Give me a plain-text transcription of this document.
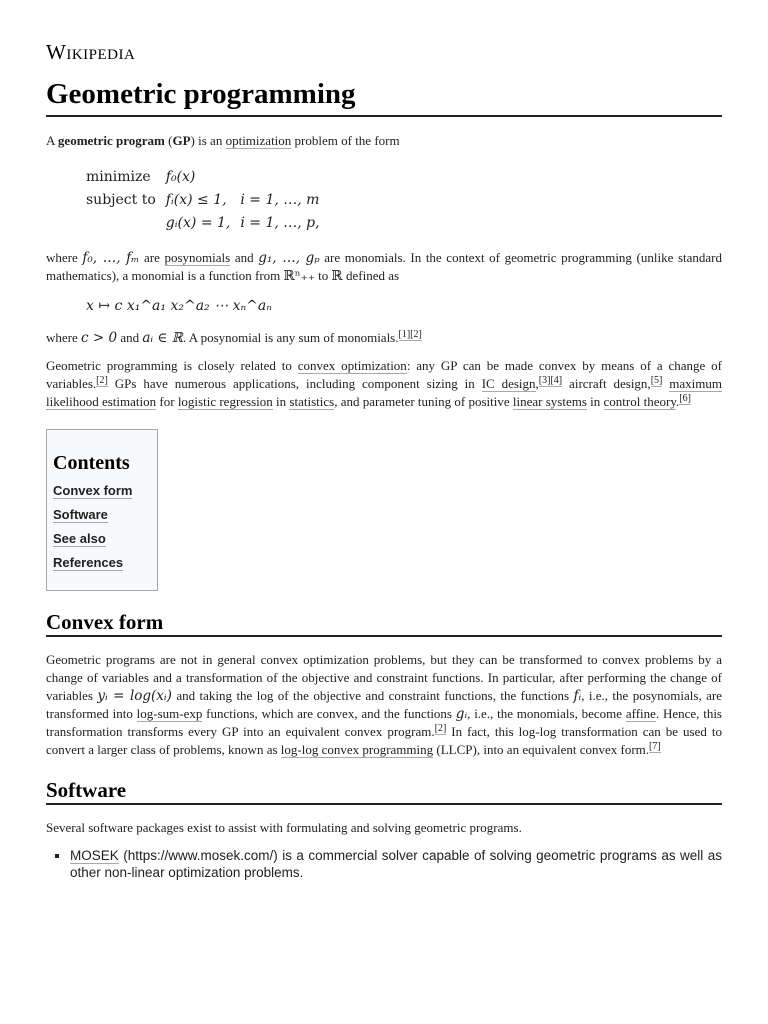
Wikipedia
Geometric programming

A geometric program (GP) is an optimization problem of the form

minimize	f₀(x)	
subject to	fᵢ(x) ≤ 1,	i = 1, …, m
	gᵢ(x) = 1,	i = 1, …, p,

where f₀, …, fₘ are posynomials and g₁, …, gₚ are monomials. In the context of geometric programming (unlike standard mathematics), a monomial is a function from ℝⁿ₊₊ to ℝ defined as

x ↦ c x₁^a₁ x₂^a₂ ⋯ xₙ^aₙ

where c > 0 and aᵢ ∈ ℝ. A posynomial is any sum of monomials.[1][2]

Geometric programming is closely related to convex optimization: any GP can be made convex by means of a change of variables.[2] GPs have numerous applications, including component sizing in IC design,[3][4] aircraft design,[5] maximum likelihood estimation for logistic regression in statistics, and parameter tuning of positive linear systems in control theory.[6]

Contents
Convex form
Software
See also
References
Convex form

Geometric programs are not in general convex optimization problems, but they can be transformed to convex problems by a change of variables and a transformation of the objective and constraint functions. In particular, after performing the change of variables yᵢ = log(xᵢ) and taking the log of the objective and constraint functions, the functions fᵢ, i.e., the posynomials, are transformed into log-sum-exp functions, which are convex, and the functions gᵢ, i.e., the monomials, become affine. Hence, this transformation transforms every GP into an equivalent convex program.[2] In fact, this log-log transformation can be used to convert a larger class of problems, known as log-log convex programming (LLCP), into an equivalent convex form.[7]

Software

Several software packages exist to assist with formulating and solving geometric programs.

▪ MOSEK (https://www.mosek.com/) is a commercial solver capable of solving geometric programs as well as other non-linear optimization problems.
